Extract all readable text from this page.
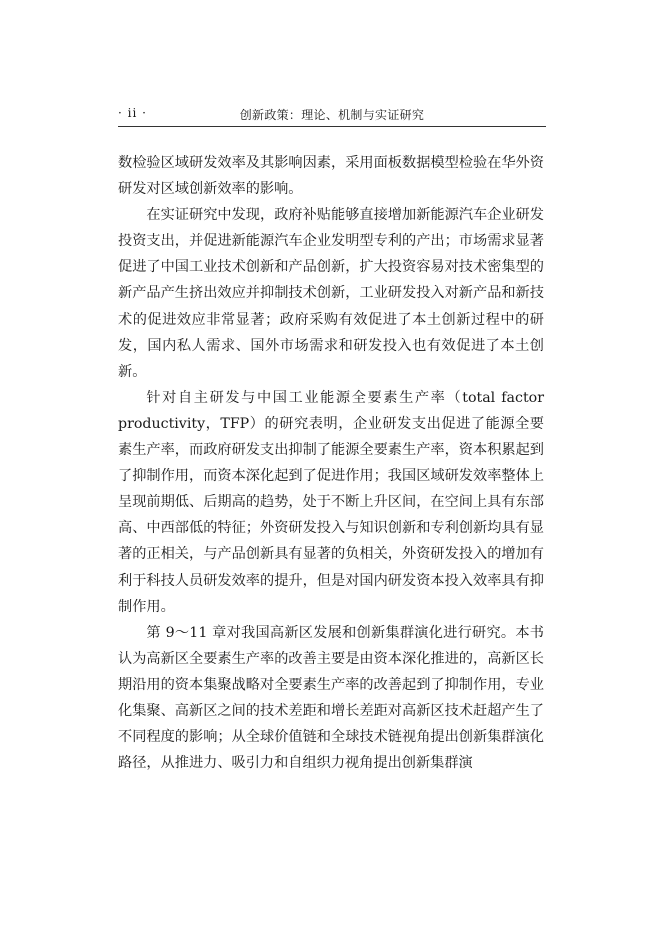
· ii ·	创新政策：理论、机制与实证研究

数检验区域研发效率及其影响因素，采用面板数据模型检验在华外资研发对区域创新效率的影响。

在实证研究中发现，政府补贴能够直接增加新能源汽车企业研发投资支出，并促进新能源汽车企业发明型专利的产出；市场需求显著促进了中国工业技术创新和产品创新，扩大投资容易对技术密集型的新产品产生挤出效应并抑制技术创新，工业研发投入对新产品和新技术的促进效应非常显著；政府采购有效促进了本土创新过程中的研发，国内私人需求、国外市场需求和研发投入也有效促进了本土创新。

针对自主研发与中国工业能源全要素生产率（total factor productivity，TFP）的研究表明，企业研发支出促进了能源全要素生产率，而政府研发支出抑制了能源全要素生产率，资本积累起到了抑制作用，而资本深化起到了促进作用；我国区域研发效率整体上呈现前期低、后期高的趋势，处于不断上升区间，在空间上具有东部高、中西部低的特征；外资研发投入与知识创新和专利创新均具有显著的正相关，与产品创新具有显著的负相关，外资研发投入的增加有利于科技人员研发效率的提升，但是对国内研发资本投入效率具有抑制作用。

第 9～11 章对我国高新区发展和创新集群演化进行研究。本书认为高新区全要素生产率的改善主要是由资本深化推进的，高新区长期沿用的资本集聚战略对全要素生产率的改善起到了抑制作用，专业化集聚、高新区之间的技术差距和增长差距对高新区技术赶超产生了不同程度的影响；从全球价值链和全球技术链视角提出创新集群演化路径，从推进力、吸引力和自组织力视角提出创新集群演
